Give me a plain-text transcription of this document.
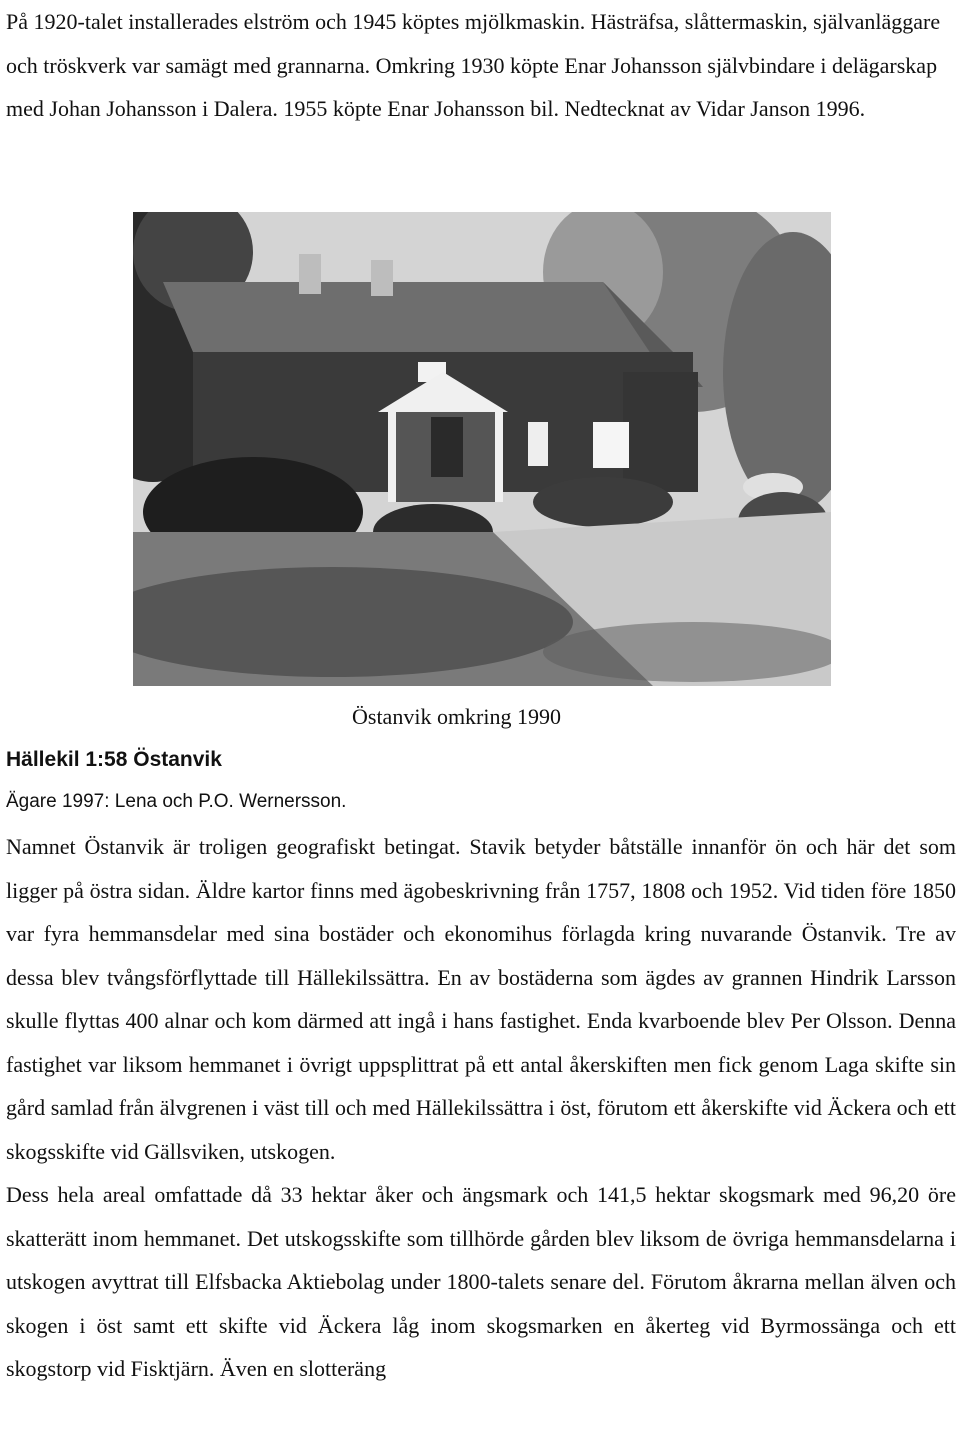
På 1920-talet installerades elström och 1945 köptes mjölkmaskin. Hästräfsa, slåttermaskin, självanläggare och tröskverk var samägt med grannarna. Omkring 1930 köpte Enar Johansson självbindare i delägarskap med Johan Johansson i Dalera. 1955 köpte Enar Johansson bil. Nedtecknat av Vidar Janson 1996.
Östanvik omkring 1990
Hällekil 1:58 Östanvik
Ägare 1997: Lena och P.O. Wernersson.

Namnet Östanvik är troligen geografiskt betingat. Stavik betyder båtställe innanför ön och här det som ligger på östra sidan. Äldre kartor finns med ägobeskrivning från 1757, 1808 och 1952. Vid tiden före 1850 var fyra hemmansdelar med sina bostäder och ekonomihus förlagda kring nuvarande Östanvik. Tre av dessa blev tvångsförflyttade till Hällekilssättra. En av bostäderna som ägdes av grannen Hindrik Larsson skulle flyttas 400 alnar och kom därmed att ingå i hans fastighet. Enda kvarboende blev Per Olsson. Denna fastighet var liksom hemmanet i övrigt uppsplittrat på ett antal åkerskiften men fick genom Laga skifte sin gård samlad från älvgrenen i väst till och med Hällekilssättra i öst, förutom ett åkerskifte vid Äckera och ett skogsskifte vid Gällsviken, utskogen.

Dess hela areal omfattade då 33 hektar åker och ängsmark och 141,5 hektar skogsmark med 96,20 öre skatterätt inom hemmanet. Det utskogsskifte som tillhörde gården blev liksom de övriga hemmansdelarna i utskogen avyttrat till Elfsbacka Aktiebolag under 1800-talets senare del. Förutom åkrarna mellan älven och skogen i öst samt ett skifte vid Äckera låg inom skogsmarken en åkerteg vid Byrmossänga och ett skogstorp vid Fisktjärn. Även en slotteräng
